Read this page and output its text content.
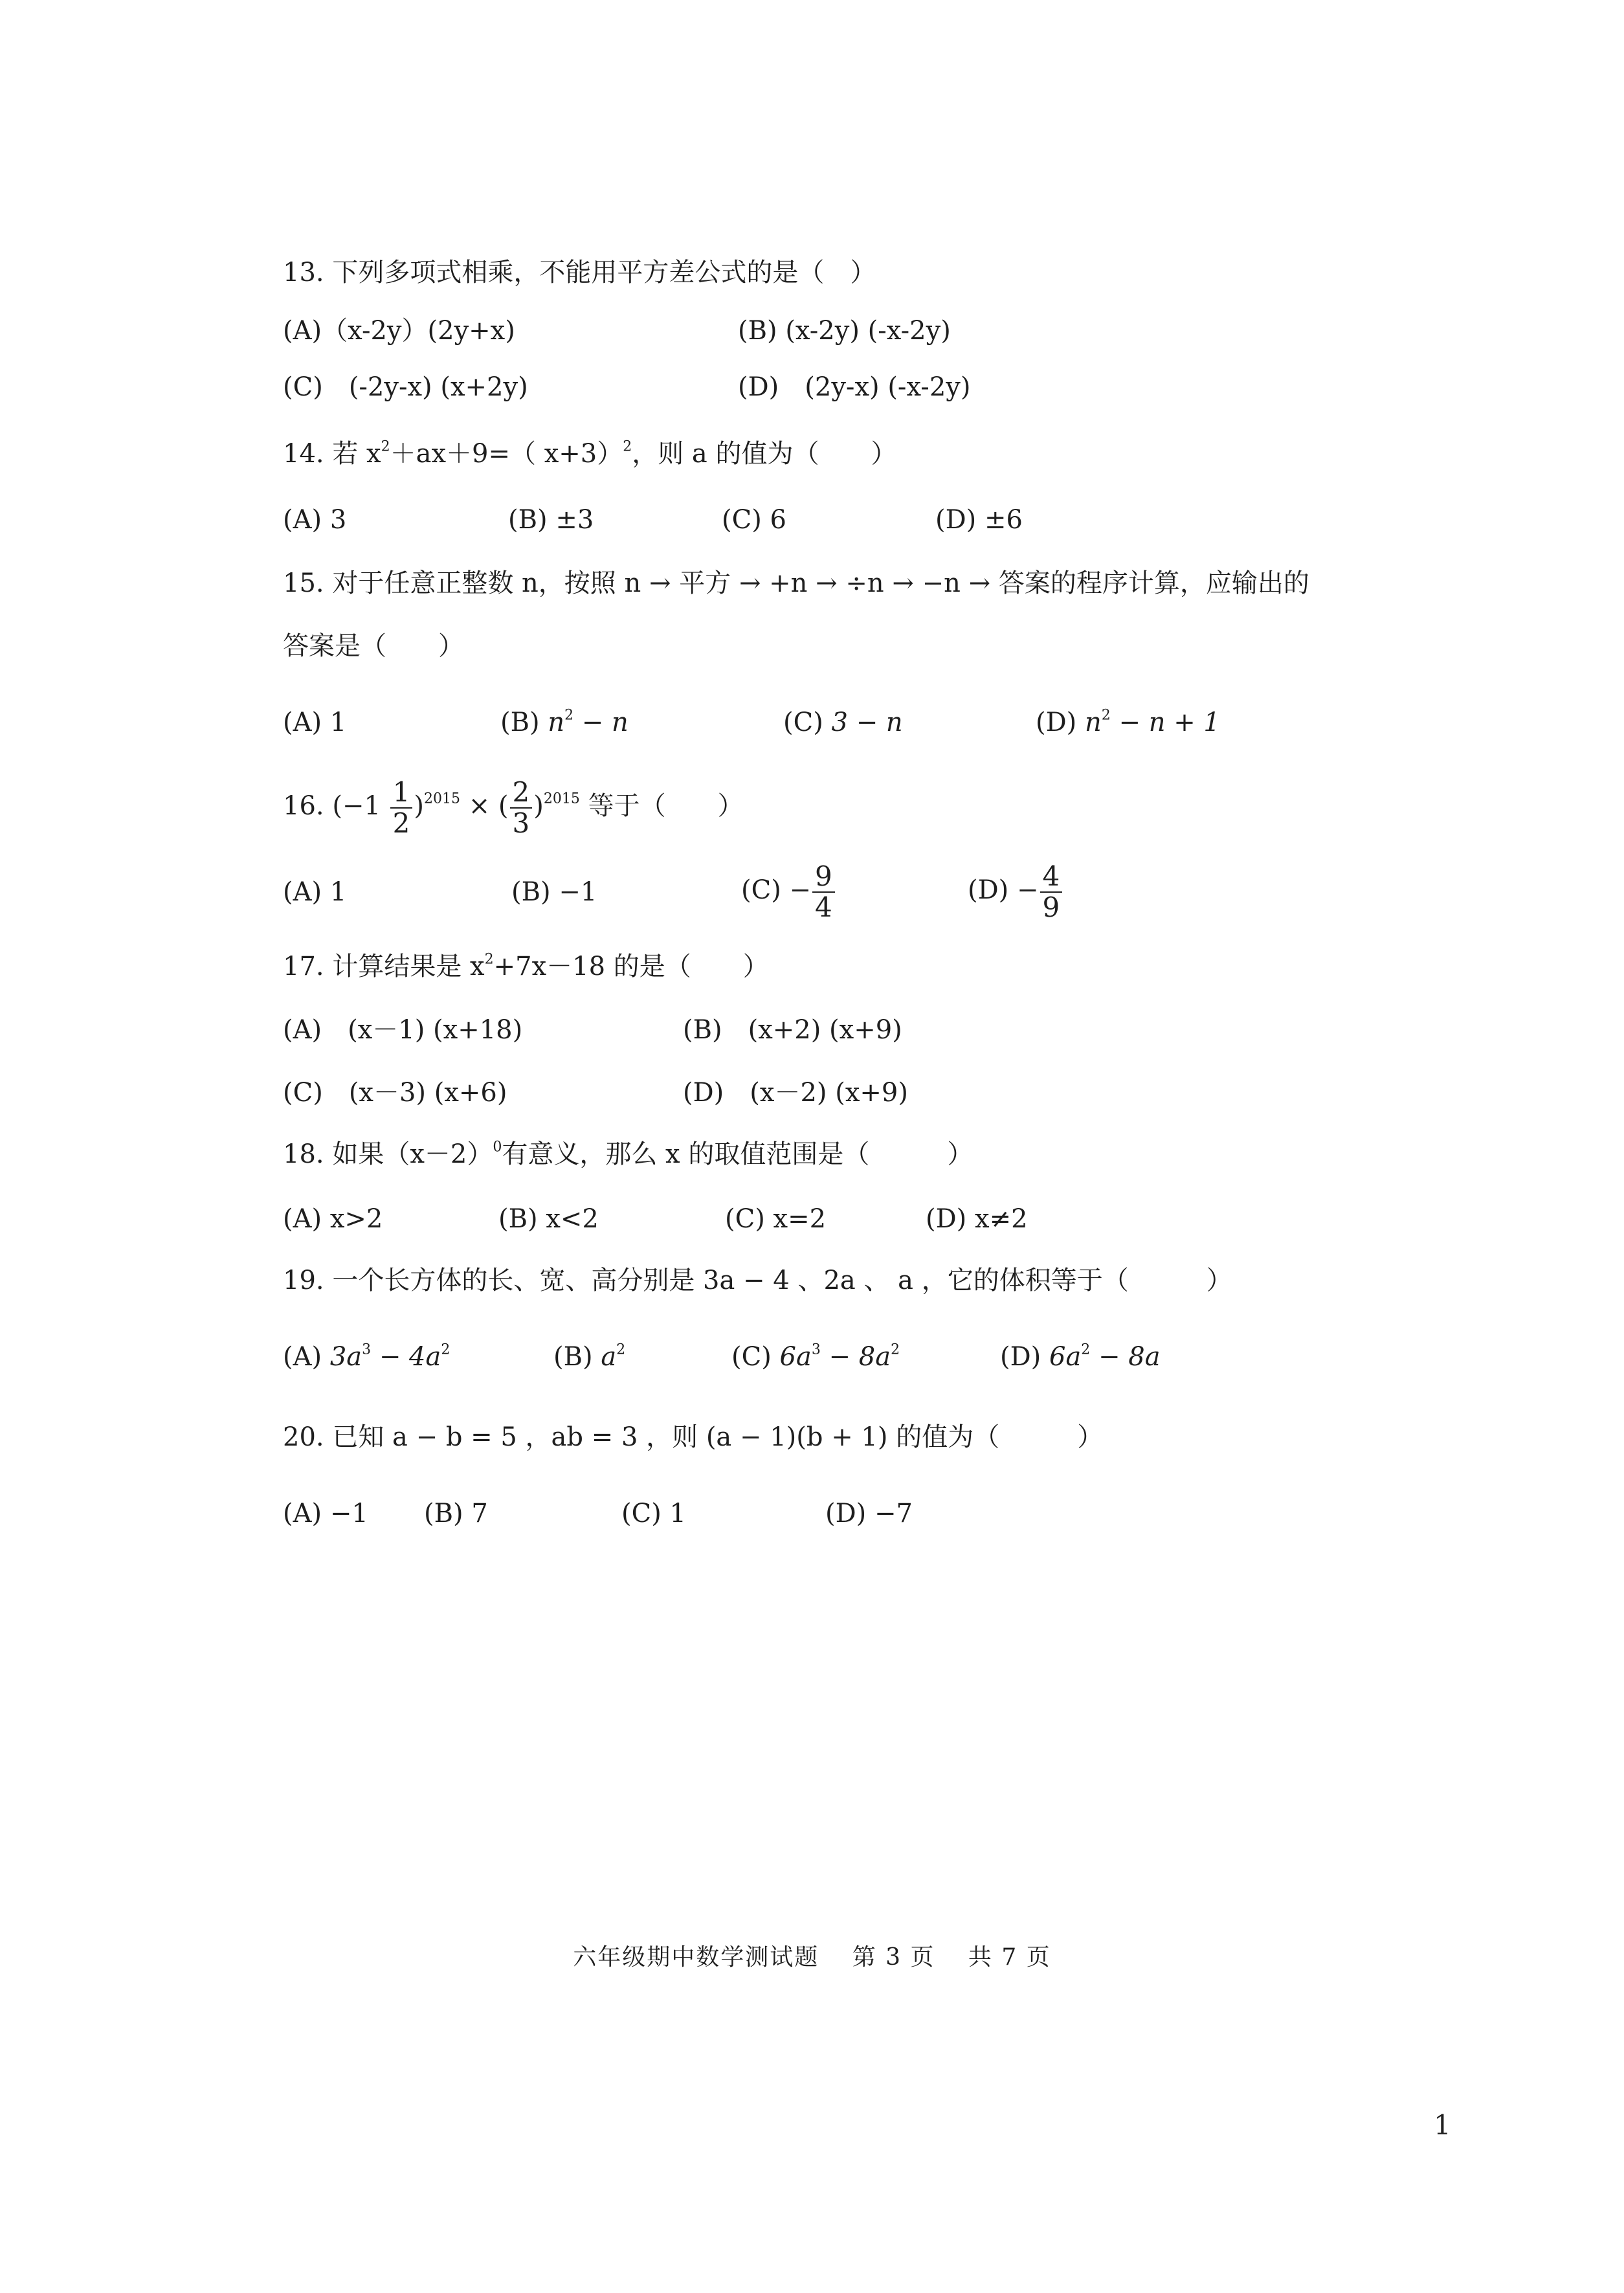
13. 下列多项式相乘，不能用平方差公式的是（　）
(A)（x-2y）(2y+x)	(B) (x-2y) (-x-2y)
(C)　(-2y-x) (x+2y)	(D)　(2y-x) (-x-2y)
14. 若 $x^2+ax+9=$（ x+3）$^2$，则 a 的值为（　　）
(A) 3	(B) ±3	(C) 6	(D) ±6
15. 对于任意正整数 n，按照 n → 平方 → +n → ÷n → −n → 答案的程序计算，应输出的
答案是（　　）
(A) 1	(B) $n^2 - n$	(C) 3 − n	(D) $n^2 - n + 1$
16. $(-1 \frac{1}{2} )^{2015}$ × ( $\frac{2}{3} )^{2015}$ 等于（　　）
(A) 1	(B) −1	$(C) - \frac{9}{4}$	$(D) - \frac{4}{9}$
17. 计算结果是 $x^2+7x-18$ 的是（　　）
(A)　(x－1) (x+18)	(B)　(x+2) (x+9)
(C)　(x－3) (x+6)	(D)　(x－2) (x+9)
18. 如果$(x-2)^0$有意义，那么 x 的取值范围是（　　　）
(A) x>2	(B) x<2	(C) x=2	(D) x≠2
19. 一个长方体的长、宽、高分别是 3a − 4 、2a 、 a ，它的体积等于（　　　）
(A) $3a^3 - 4a^2$	(B) $a^2$	(C) $6a^3 - 8a^2$	(D) $6a^2 - 8a$
20. 已知 a − b = 5 ，ab = 3 ，则 (a − 1)(b + 1) 的值为（　　　）
(A) −1 (B) 7	(C) 1	(D) −7
六年级期中数学测试题　 第 3 页　 共 7 页
1
